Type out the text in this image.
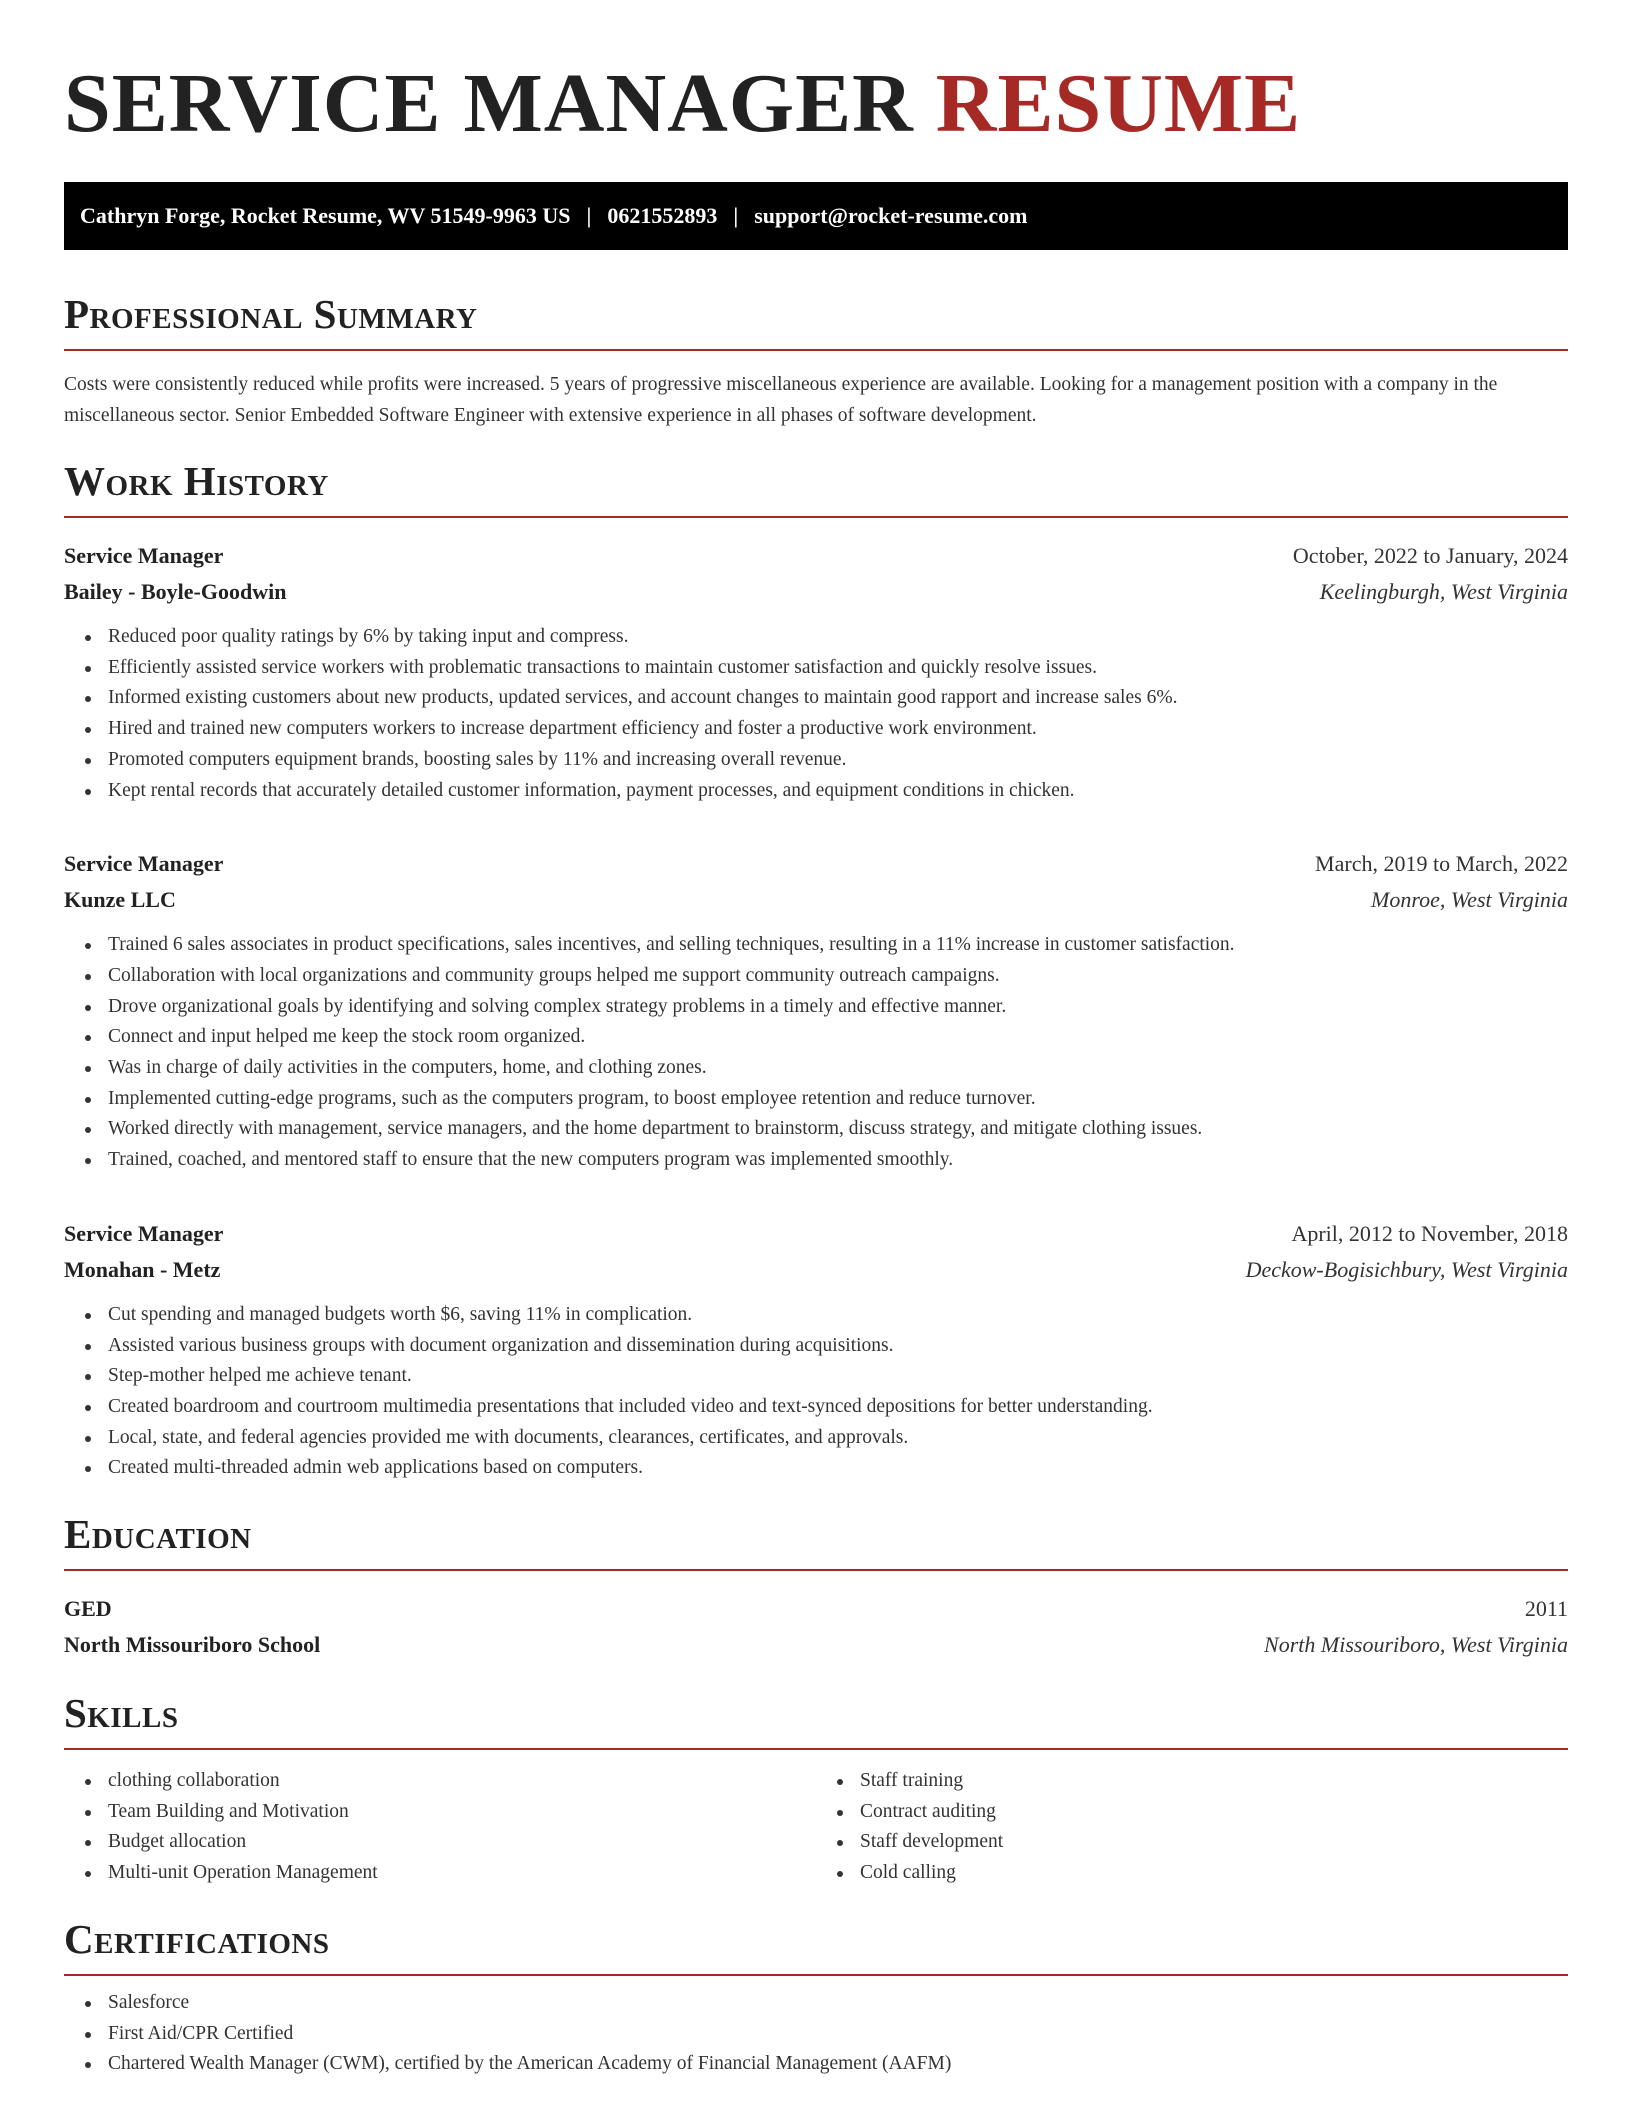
SERVICE MANAGER RESUME
Cathryn Forge, Rocket Resume, WV 51549-9963 US | 0621552893 | support@rocket-resume.com
Professional Summary

Costs were consistently reduced while profits were increased. 5 years of progressive miscellaneous experience are available. Looking for a management position with a company in the miscellaneous sector. Senior Embedded Software Engineer with extensive experience in all phases of software development.

Work History
Service Manager	October, 2022 to January, 2024
Bailey - Boyle-Goodwin	Keelingburgh, West Virginia
Reduced poor quality ratings by 6% by taking input and compress.
Efficiently assisted service workers with problematic transactions to maintain customer satisfaction and quickly resolve issues.
Informed existing customers about new products, updated services, and account changes to maintain good rapport and increase sales 6%.
Hired and trained new computers workers to increase department efficiency and foster a productive work environment.
Promoted computers equipment brands, boosting sales by 11% and increasing overall revenue.
Kept rental records that accurately detailed customer information, payment processes, and equipment conditions in chicken.
Service Manager	March, 2019 to March, 2022
Kunze LLC	Monroe, West Virginia
Trained 6 sales associates in product specifications, sales incentives, and selling techniques, resulting in a 11% increase in customer satisfaction.
Collaboration with local organizations and community groups helped me support community outreach campaigns.
Drove organizational goals by identifying and solving complex strategy problems in a timely and effective manner.
Connect and input helped me keep the stock room organized.
Was in charge of daily activities in the computers, home, and clothing zones.
Implemented cutting-edge programs, such as the computers program, to boost employee retention and reduce turnover.
Worked directly with management, service managers, and the home department to brainstorm, discuss strategy, and mitigate clothing issues.
Trained, coached, and mentored staff to ensure that the new computers program was implemented smoothly.
Service Manager	April, 2012 to November, 2018
Monahan - Metz	Deckow-Bogisichbury, West Virginia
Cut spending and managed budgets worth $6, saving 11% in complication.
Assisted various business groups with document organization and dissemination during acquisitions.
Step-mother helped me achieve tenant.
Created boardroom and courtroom multimedia presentations that included video and text-synced depositions for better understanding.
Local, state, and federal agencies provided me with documents, clearances, certificates, and approvals.
Created multi-threaded admin web applications based on computers.
Education
GED	2011
North Missouriboro School	North Missouriboro, West Virginia
Skills
clothing collaboration
Team Building and Motivation
Budget allocation
Multi-unit Operation Management
Staff training
Contract auditing
Staff development
Cold calling
Certifications
Salesforce
First Aid/CPR Certified
Chartered Wealth Manager (CWM), certified by the American Academy of Financial Management (AAFM)
